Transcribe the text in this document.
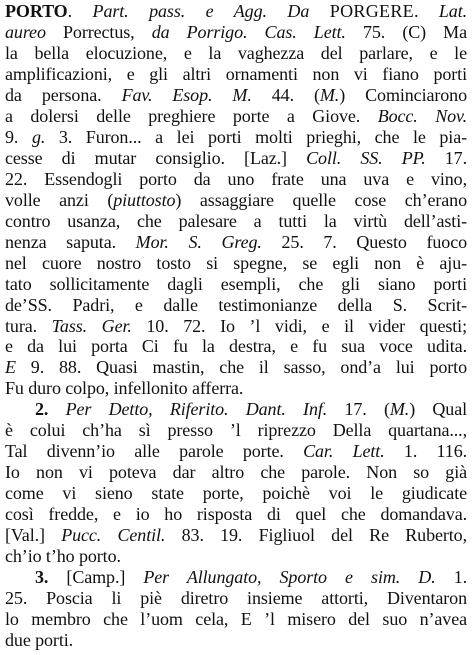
PORTO. Part. pass. e Agg. Da PORGERE. Lat.
aureo Porrectus, da Porrigo. Cas. Lett. 75. (C) Ma
la bella elocuzione, e la vaghezza del parlare, e le
amplificazioni, e gli altri ornamenti non vi fiano porti
da persona. Fav. Esop. M. 44. (M.) Cominciarono
a dolersi delle preghiere porte a Giove. Bocc. Nov.
9. g. 3. Furon... a lei porti molti prieghi, che le pia-
cesse di mutar consiglio. [Laz.] Coll. SS. PP. 17.
22. Essendogli porto da uno frate una uva e vino,
volle anzi (piuttosto) assaggiare quelle cose ch’erano
contro usanza, che palesare a tutti la virtù dell’asti-
nenza saputa. Mor. S. Greg. 25. 7. Questo fuoco
nel cuore nostro tosto si spegne, se egli non è aju-
tato sollicitamente dagli esempli, che gli siano porti
de’SS. Padri, e dalle testimonianze della S. Scrit-
tura. Tass. Ger. 10. 72. Io ’l vidi, e il vider questi;
e da lui porta Ci fu la destra, e fu sua voce udita.
E 9. 88. Quasi mastin, che il sasso, ond’a lui porto
Fu duro colpo, infellonito afferra.
2. Per Detto, Riferito. Dant. Inf. 17. (M.) Qual
è colui ch’ha sì presso ’l riprezzo Della quartana...,
Tal divenn’io alle parole porte. Car. Lett. 1. 116.
Io non vi poteva dar altro che parole. Non so già
come vi sieno state porte, poichè voi le giudicate
così fredde, e io ho risposta di quel che domandava.
[Val.] Pucc. Centil. 83. 19. Figliuol del Re Ruberto,
ch’io t’ho porto.
3. [Camp.] Per Allungato, Sporto e sim. D. 1.
25. Poscia li piè diretro insieme attorti, Diventaron
lo membro che l’uom cela, E ’l misero del suo n’avea
due porti.
